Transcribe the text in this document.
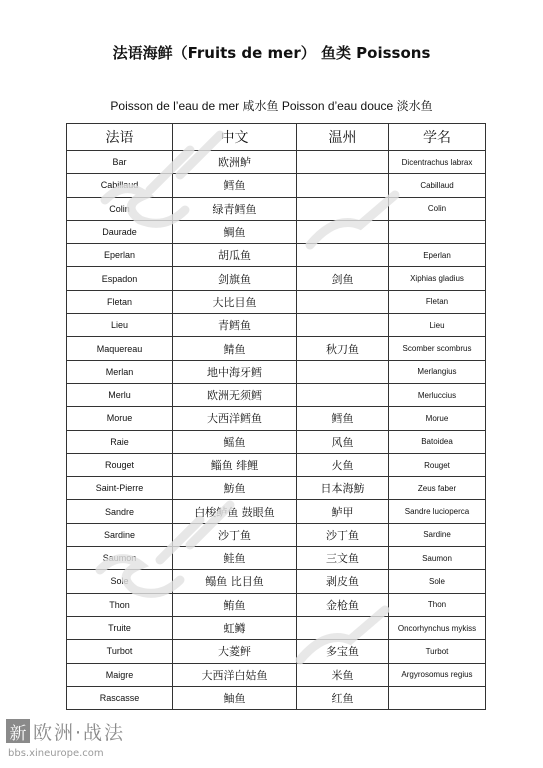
法语海鲜（Fruits de mer） 鱼类 Poissons
Poisson de l’eau de mer 咸水鱼 Poisson d’eau douce 淡水鱼
法语	中文	温州	学名
Bar	欧洲鲈		Dicentrachus labrax
Cabillaud	鳕鱼		Cabillaud
Colin	绿青鳕鱼		Colin
Daurade	鲷鱼		
Eperlan	胡瓜鱼		Eperlan
Espadon	剑旗鱼	剑鱼	Xiphias gladius
Fletan	大比目鱼		Fletan
Lieu	青鳕鱼		Lieu
Maquereau	鲭鱼	秋刀鱼	Scomber scombrus
Merlan	地中海牙鳕		Merlangius
Merlu	欧洲无须鳕		Merluccius
Morue	大西洋鳕鱼	鳕鱼	Morue
Raie	鳐鱼	风鱼	Batoidea
Rouget	鲻鱼 绯鲤	火鱼	Rouget
Saint-Pierre	魴鱼	日本海魴	Zeus faber
Sandre	白梭鲈鱼 鼓眼鱼	鲈甲	Sandre lucioperca
Sardine	沙丁鱼	沙丁鱼	Sardine
Saumon	鲑鱼	三文鱼	Saumon
Sole	鳎鱼 比目鱼	剥皮鱼	Sole
Thon	鲔鱼	金枪鱼	Thon
Truite	虹鳟		Oncorhynchus mykiss
Turbot	大菱鲆	多宝鱼	Turbot
Maigre	大西洋白姑鱼	米鱼	Argyrosomus regius
Rascasse	鲉鱼	红鱼	
新 欧洲·战法
bbs.xineurope.com
